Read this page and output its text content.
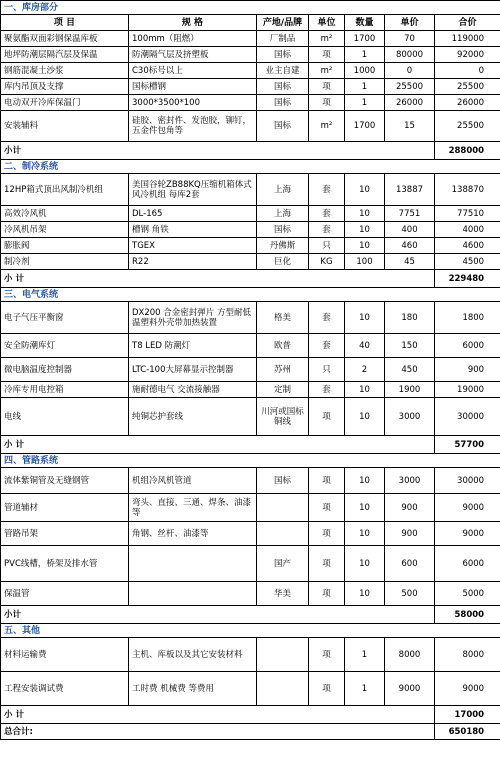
一、库房部分						
项 目	规 格	产地/品牌	单位	数量	单价	合价
聚氨酯双面彩钢保温库板	100mm（阻燃）	厂制品	m²	1700	70	119000
地坪防潮层隔汽层及保温	防潮隔气层及挤塑板	国标	项	1	80000	92000
钢筋混凝土沙浆	C30标号以上	业主自建	m²	1000	0	0
库内吊顶及支撑	国标槽钢	国标	项	1	25500	25500
电动双开冷库保温门	3000*3500*100	国标	项	1	26000	26000
安装辅料	硅胶、密封件、发泡胶，铆钉，五金件包角等	国标	m²	1700	15	25500
小计						288000
二、制冷系统						
12HP箱式顶出风制冷机组	美国谷轮ZB88KQ压缩机箱体式风冷机组 每库2套	上海	套	10	13887	138870
高效冷风机	DL-165	上海	套	10	7751	77510
冷风机吊架	槽钢 角铁	国标	套	10	400	4000
膨胀阀	TGEX	丹佛斯	只	10	460	4600
制冷剂	R22	巨化	KG	100	45	4500
小 计						229480
三、电气系统						
电子气压平衡窗	DX200 合金密封弹片 方型耐低温塑料外壳带加热装置	格美	套	10	180	1800
安全防潮库灯	T8 LED 防潮灯	欧普	套	40	150	6000
微电脑温度控制器	LTC-100大屏幕显示控制器	苏州	只	2	450	900
冷库专用电控箱	施耐德电气 交流接触器	定制	套	10	1900	19000
电线	纯铜芯护套线	川河或国标铜线	项	10	3000	30000
小 计						57700
四、管路系统						
流体紫铜管及无缝钢管	机组冷风机管道	国标	项	10	3000	30000
管道辅材	弯头、直接、三通、焊条、油漆等		项	10	900	9000
管路吊架	角钢、丝杆、油漆等		项	10	900	9000
PVC线槽，桥架及排水管		国产	项	10	600	6000
保温管		华美	项	10	500	5000
小计						58000
五、其他						
材料运输费	主机、库板以及其它安装材料		项	1	8000	8000
工程安装调试费	工时费 机械费 等费用		项	1	9000	9000
小 计						17000
总合计:						650180
